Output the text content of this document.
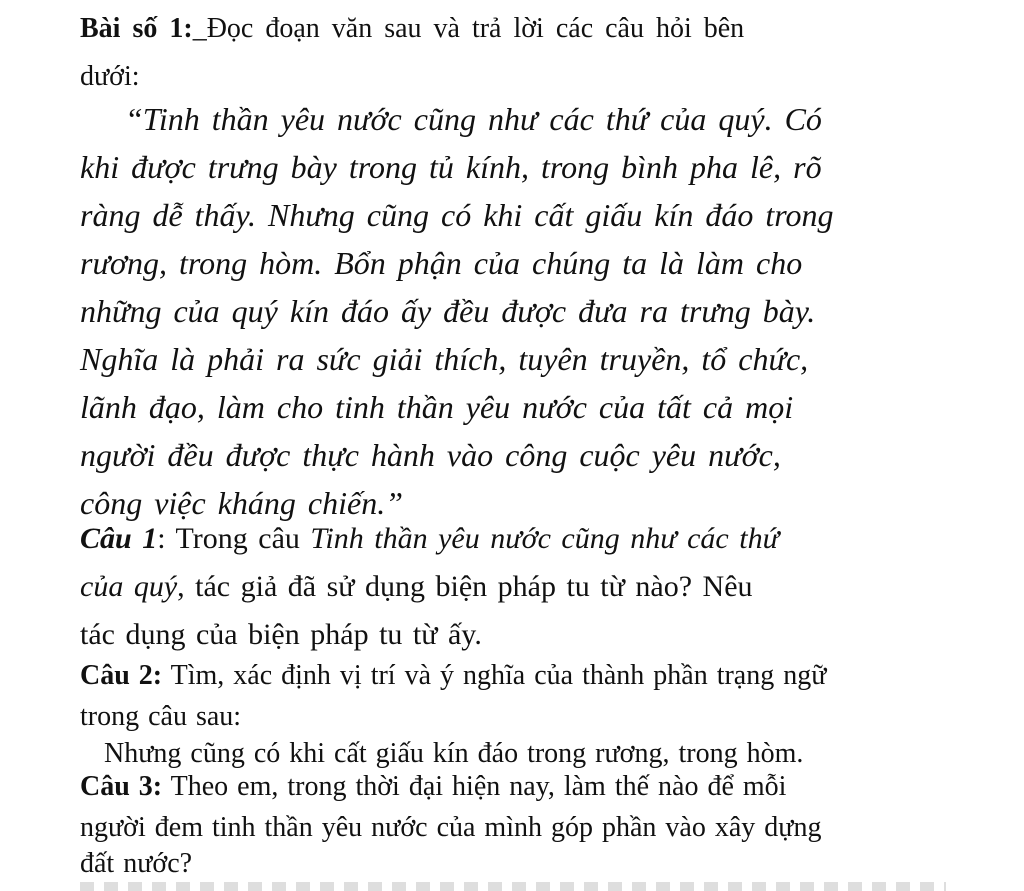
Bài số 1:_Đọc đoạn văn sau và trả lời các câu hỏi bên
dưới:
“Tinh thần yêu nước cũng như các thứ của quý. Có
khi được trưng bày trong tủ kính, trong bình pha lê, rõ
ràng dễ thấy. Nhưng cũng có khi cất giấu kín đáo trong
rương, trong hòm. Bổn phận của chúng ta là làm cho
những của quý kín đáo ấy đều được đưa ra trưng bày.
Nghĩa là phải ra sức giải thích, tuyên truyền, tổ chức,
lãnh đạo, làm cho tinh thần yêu nước của tất cả mọi
người đều được thực hành vào công cuộc yêu nước,
công việc kháng chiến.”
Câu 1: Trong câu Tinh thần yêu nước cũng như các thứ
của quý, tác giả đã sử dụng biện pháp tu từ nào? Nêu
tác dụng của biện pháp tu từ ấy.
Câu 2: Tìm, xác định vị trí và ý nghĩa của thành phần trạng ngữ
trong câu sau:
Nhưng cũng có khi cất giấu kín đáo trong rương, trong hòm.
Câu 3: Theo em, trong thời đại hiện nay, làm thế nào để mỗi
người đem tinh thần yêu nước của mình góp phần vào xây dựng
đất nước?
